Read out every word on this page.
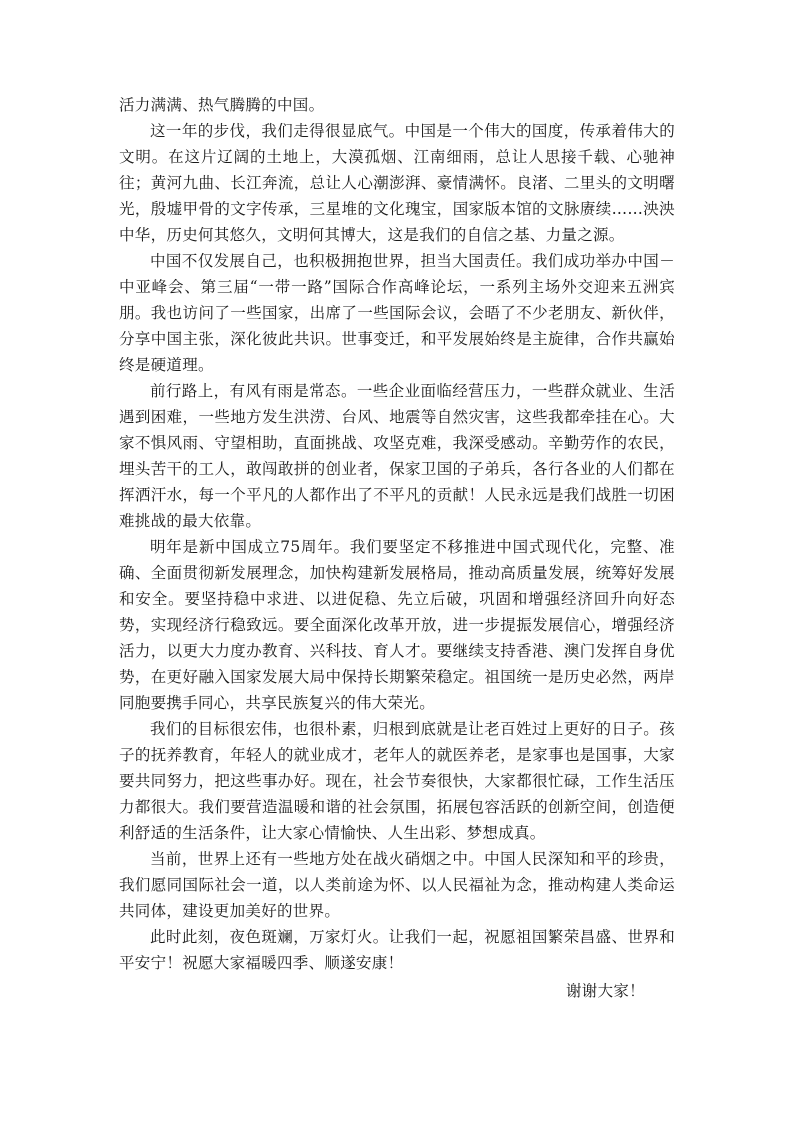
活力满满、热气腾腾的中国。

这一年的步伐，我们走得很显底气。中国是一个伟大的国度，传承着伟大的文明。在这片辽阔的土地上，大漠孤烟、江南细雨，总让人思接千载、心驰神往；黄河九曲、长江奔流，总让人心潮澎湃、豪情满怀。良渚、二里头的文明曙光，殷墟甲骨的文字传承，三星堆的文化瑰宝，国家版本馆的文脉赓续……泱泱中华，历史何其悠久，文明何其博大，这是我们的自信之基、力量之源。

中国不仅发展自己，也积极拥抱世界，担当大国责任。我们成功举办中国－中亚峰会、第三届“一带一路”国际合作高峰论坛，一系列主场外交迎来五洲宾朋。我也访问了一些国家，出席了一些国际会议，会晤了不少老朋友、新伙伴，分享中国主张，深化彼此共识。世事变迁，和平发展始终是主旋律，合作共赢始终是硬道理。

前行路上，有风有雨是常态。一些企业面临经营压力，一些群众就业、生活遇到困难，一些地方发生洪涝、台风、地震等自然灾害，这些我都牵挂在心。大家不惧风雨、守望相助，直面挑战、攻坚克难，我深受感动。辛勤劳作的农民，埋头苦干的工人，敢闯敢拼的创业者，保家卫国的子弟兵，各行各业的人们都在挥洒汗水，每一个平凡的人都作出了不平凡的贡献！人民永远是我们战胜一切困难挑战的最大依靠。

明年是新中国成立75周年。我们要坚定不移推进中国式现代化，完整、准确、全面贯彻新发展理念，加快构建新发展格局，推动高质量发展，统筹好发展和安全。要坚持稳中求进、以进促稳、先立后破，巩固和增强经济回升向好态势，实现经济行稳致远。要全面深化改革开放，进一步提振发展信心，增强经济活力，以更大力度办教育、兴科技、育人才。要继续支持香港、澳门发挥自身优势，在更好融入国家发展大局中保持长期繁荣稳定。祖国统一是历史必然，两岸同胞要携手同心，共享民族复兴的伟大荣光。

我们的目标很宏伟，也很朴素，归根到底就是让老百姓过上更好的日子。孩子的抚养教育，年轻人的就业成才，老年人的就医养老，是家事也是国事，大家要共同努力，把这些事办好。现在，社会节奏很快，大家都很忙碌，工作生活压力都很大。我们要营造温暖和谐的社会氛围，拓展包容活跃的创新空间，创造便利舒适的生活条件，让大家心情愉快、人生出彩、梦想成真。

当前，世界上还有一些地方处在战火硝烟之中。中国人民深知和平的珍贵，我们愿同国际社会一道，以人类前途为怀、以人民福祉为念，推动构建人类命运共同体，建设更加美好的世界。

此时此刻，夜色斑斓，万家灯火。让我们一起，祝愿祖国繁荣昌盛、世界和平安宁！祝愿大家福暖四季、顺遂安康！

谢谢大家！
